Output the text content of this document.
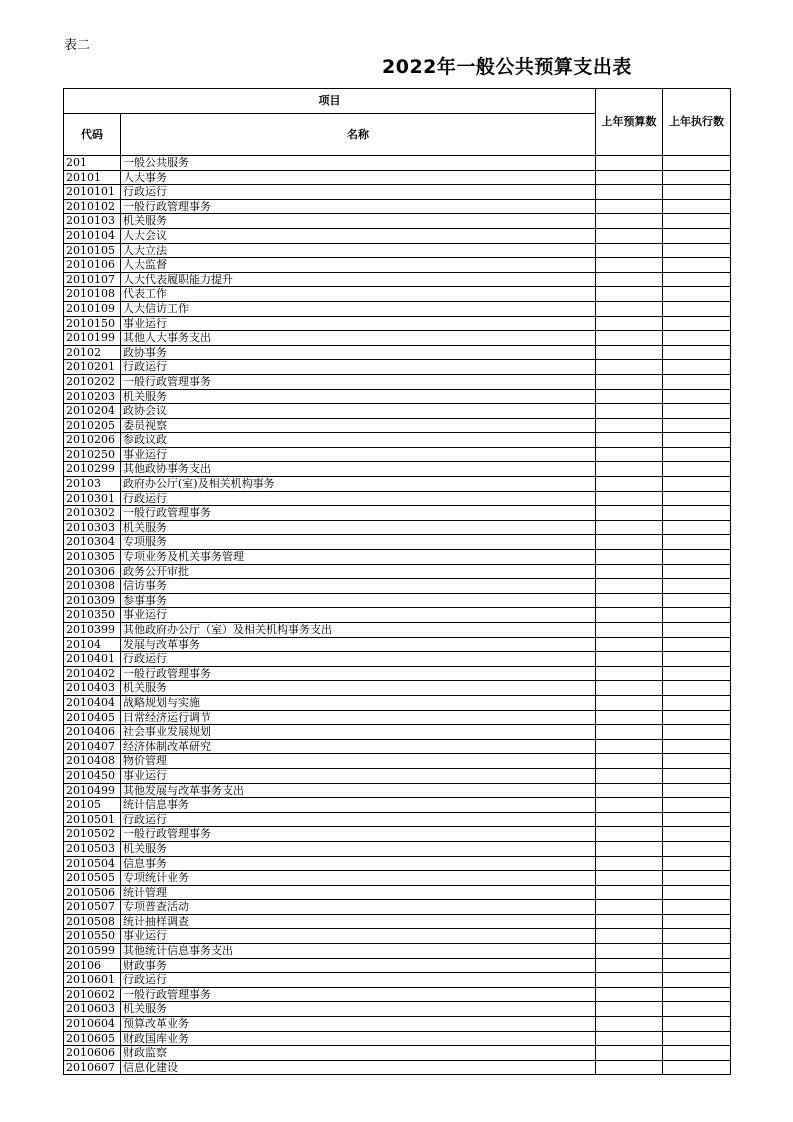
表二
2022年一般公共预算支出表
项目		上年预算数	上年执行数
代码	名称		
201	一般公共服务		
20101	人大事务		
2010101	行政运行		
2010102	一般行政管理事务		
2010103	机关服务		
2010104	人大会议		
2010105	人大立法		
2010106	人大监督		
2010107	人大代表履职能力提升		
2010108	代表工作		
2010109	人大信访工作		
2010150	事业运行		
2010199	其他人大事务支出		
20102	政协事务		
2010201	行政运行		
2010202	一般行政管理事务		
2010203	机关服务		
2010204	政协会议		
2010205	委员视察		
2010206	参政议政		
2010250	事业运行		
2010299	其他政协事务支出		
20103	政府办公厅(室)及相关机构事务		
2010301	行政运行		
2010302	一般行政管理事务		
2010303	机关服务		
2010304	专项服务		
2010305	专项业务及机关事务管理		
2010306	政务公开审批		
2010308	信访事务		
2010309	参事事务		
2010350	事业运行		
2010399	其他政府办公厅（室）及相关机构事务支出		
20104	发展与改革事务		
2010401	行政运行		
2010402	一般行政管理事务		
2010403	机关服务		
2010404	战略规划与实施		
2010405	日常经济运行调节		
2010406	社会事业发展规划		
2010407	经济体制改革研究		
2010408	物价管理		
2010450	事业运行		
2010499	其他发展与改革事务支出		
20105	统计信息事务		
2010501	行政运行		
2010502	一般行政管理事务		
2010503	机关服务		
2010504	信息事务		
2010505	专项统计业务		
2010506	统计管理		
2010507	专项普查活动		
2010508	统计抽样调查		
2010550	事业运行		
2010599	其他统计信息事务支出		
20106	财政事务		
2010601	行政运行		
2010602	一般行政管理事务		
2010603	机关服务		
2010604	预算改革业务		
2010605	财政国库业务		
2010606	财政监察		
2010607	信息化建设		
